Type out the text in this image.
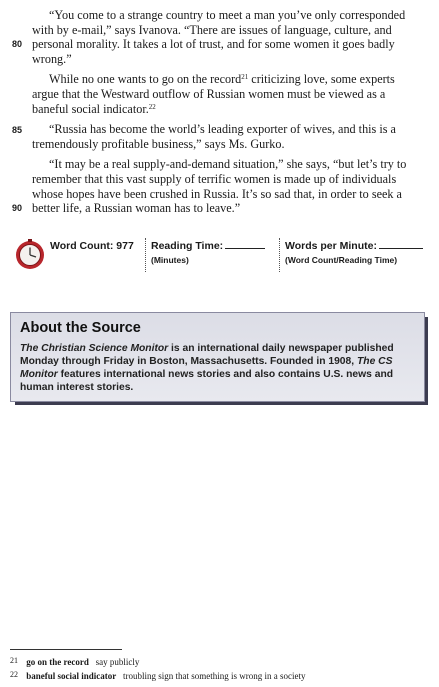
80
“You come to a strange country to meet a man you’ve only corresponded with by e-mail,” says Ivanova. “There are issues of language, culture, and personal morality. It takes a lot of trust, and for some women it goes badly wrong.”

While no one wants to go on the record$^{21}$ criticizing love, some experts argue that the Westward outflow of Russian women must be viewed as a baneful social indicator.$^{22}$

85	“Russia has become the world’s leading exporter of wives, and this is a tremendously profitable business,” says Ms. Gurko.

90
“It may be a real supply-and-demand situation,” she says, “but let’s try to remember that this vast supply of terrific women is made up of individuals whose hopes have been crushed in Russia. It’s so sad that, in order to seek a better life, a Russian woman has to leave.”

Word Count: 977 Reading Time:
(Minutes)
Words per Minute:
(Word Count/Reading Time)
About the Source
The Christian Science Monitor is an international daily newspaper published Monday through Friday in Boston, Massachusetts. Founded in 1908, The CS Monitor features international news stories and also contains U.S. news and human interest stories.
21 go on the record say publicly
22 baneful social indicator troubling sign that something is wrong in a society
